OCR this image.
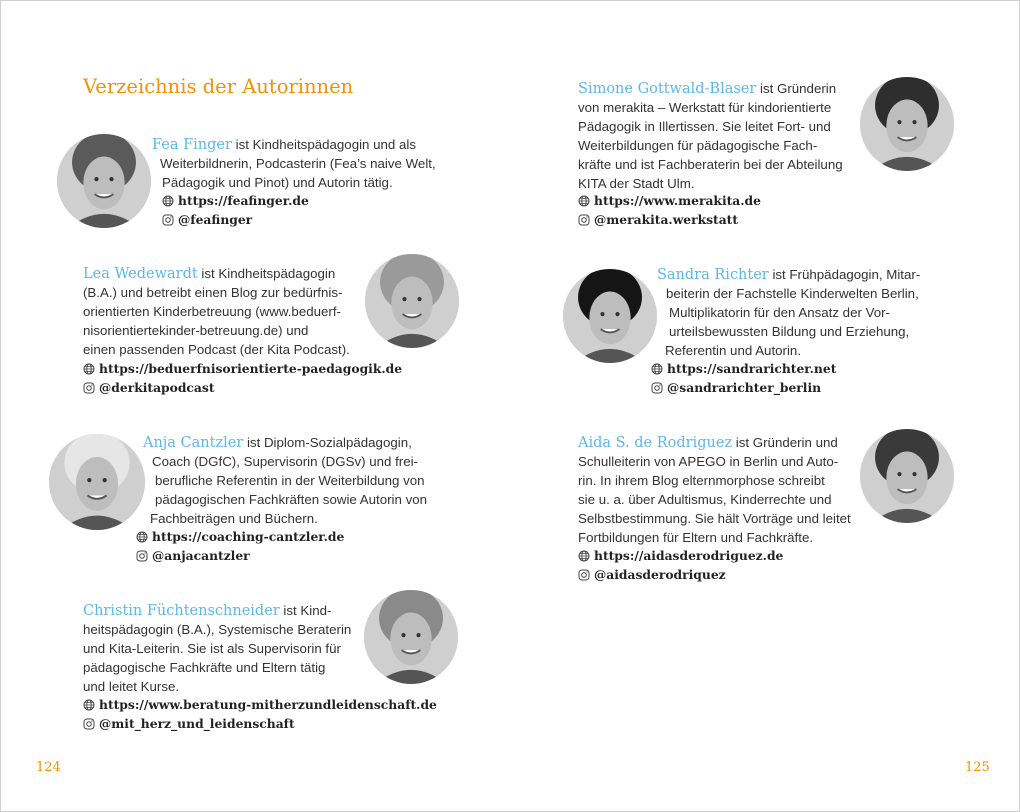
Verzeichnis der Autorinnen
124	125
Fea Finger ist Kindheitspädagogin und als
Weiterbildnerin, Podcasterin (Fea’s naive Welt,
Pädagogik und Pinot) und Autorin tätig.
https://feafinger.de
@feafinger
Lea Wedewardt ist Kindheitspädagogin
(B.A.) und betreibt einen Blog zur bedürfnis-
orientierten Kinderbetreuung (www.beduerf-
nisorientiertekinder-betreuung.de) und
einen passenden Podcast (der Kita Podcast).
https://beduerfnisorientierte-paedagogik.de
@derkitapodcast
Anja Cantzler ist Diplom-Sozialpädagogin,
Coach (DGfC), Supervisorin (DGSv) und frei-
berufliche Referentin in der Weiterbildung von
pädagogischen Fachkräften sowie Autorin von
Fachbeiträgen und Büchern.
https://coaching-cantzler.de
@anjacantzler
Christin Füchtenschneider ist Kind-
heitspädagogin (B.A.), Systemische Beraterin
und Kita-Leiterin. Sie ist als Supervisorin für
pädagogische Fachkräfte und Eltern tätig
und leitet Kurse.
https://www.beratung-mitherzundleidenschaft.de
@mit_herz_und_leidenschaft
Simone Gottwald-Blaser ist Gründerin
von merakita – Werkstatt für kindorientierte
Pädagogik in Illertissen. Sie leitet Fort- und
Weiterbildungen für pädagogische Fach-
kräfte und ist Fachberaterin bei der Abteilung
KITA der Stadt Ulm.
https://www.merakita.de
@merakita.werkstatt
Sandra Richter ist Frühpädagogin, Mitar-
beiterin der Fachstelle Kinderwelten Berlin,
Multiplikatorin für den Ansatz der Vor-
urteilsbewussten Bildung und Erziehung,
Referentin und Autorin.
https://sandrarichter.net
@sandrarichter_berlin
Aida S. de Rodriguez ist Gründerin und
Schulleiterin von APEGO in Berlin und Auto-
rin. In ihrem Blog elternmorphose schreibt
sie u. a. über Adultismus, Kinderrechte und
Selbstbestimmung. Sie hält Vorträge und leitet
Fortbildungen für Eltern und Fachkräfte.
https://aidasderodriguez.de
@aidasderodriquez
